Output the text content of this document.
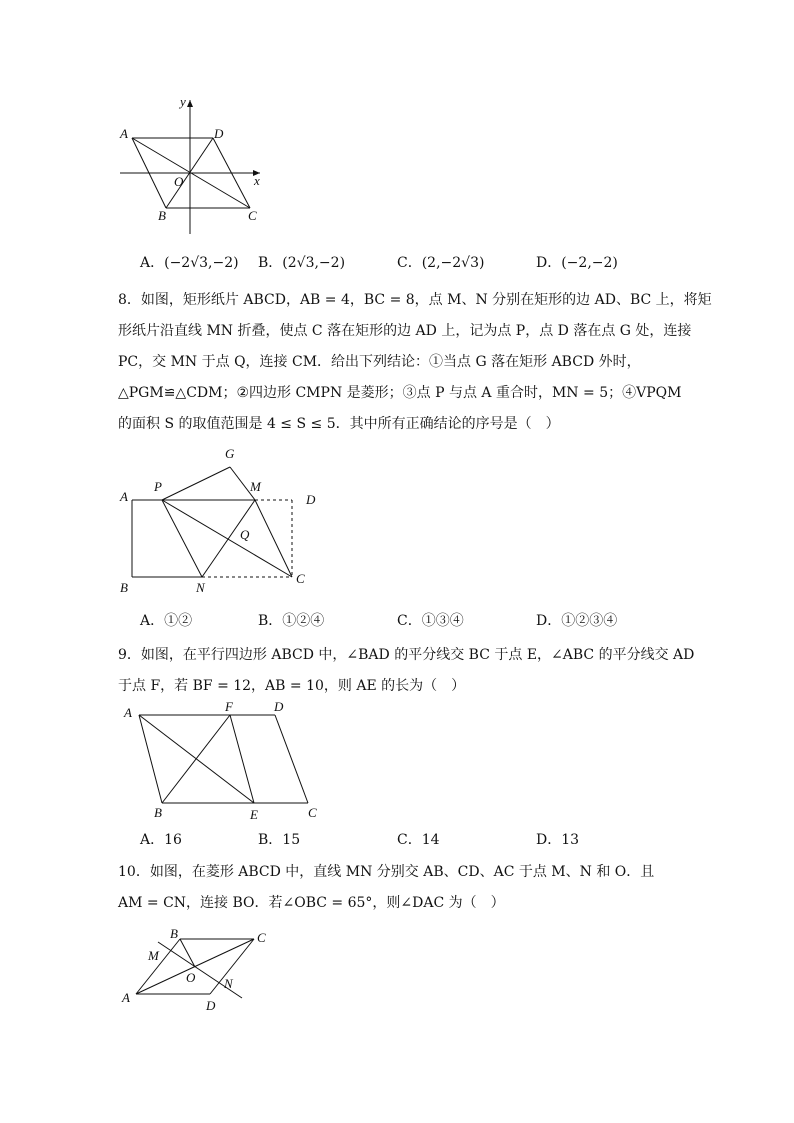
y
A	D
O	x
B	C
A．(−2√3,−2) B．(2√3,−2)	C．(2,−2√3)	D．(−2,−2)
8．如图，矩形纸片 ABCD，AB = 4，BC = 8，点 M、N 分别在矩形的边 AD、BC 上，将矩
形纸片沿直线 MN 折叠，使点 C 落在矩形的边 AD 上，记为点 P，点 D 落在点 G 处，连接
PC，交 MN 于点 Q，连接 CM．给出下列结论：①当点 G 落在矩形 ABCD 外时，
△PGM≌△CDM；②四边形 CMPN 是菱形；③点 P 与点 A 重合时，MN = 5；④VPQM
的面积 S 的取值范围是 4 ≤ S ≤ 5．其中所有正确结论的序号是（　）
G
A
P	M
D
Q
B	N
C
A．①②	B．①②④	C．①③④	D．①②③④
9．如图，在平行四边形 ABCD 中，∠BAD 的平分线交 BC 于点 E，∠ABC 的平分线交 AD
于点 F，若 BF = 12，AB = 10，则 AE 的长为（　）
A	F	D
B	E	C
A．16	B．15	C．14	D．13
10．如图，在菱形 ABCD 中，直线 MN 分别交 AB、CD、AC 于点 M、N 和 O．且
AM = CN，连接 BO．若∠OBC = 65°，则∠DAC 为（　）
B	C
M
O N
A
D
